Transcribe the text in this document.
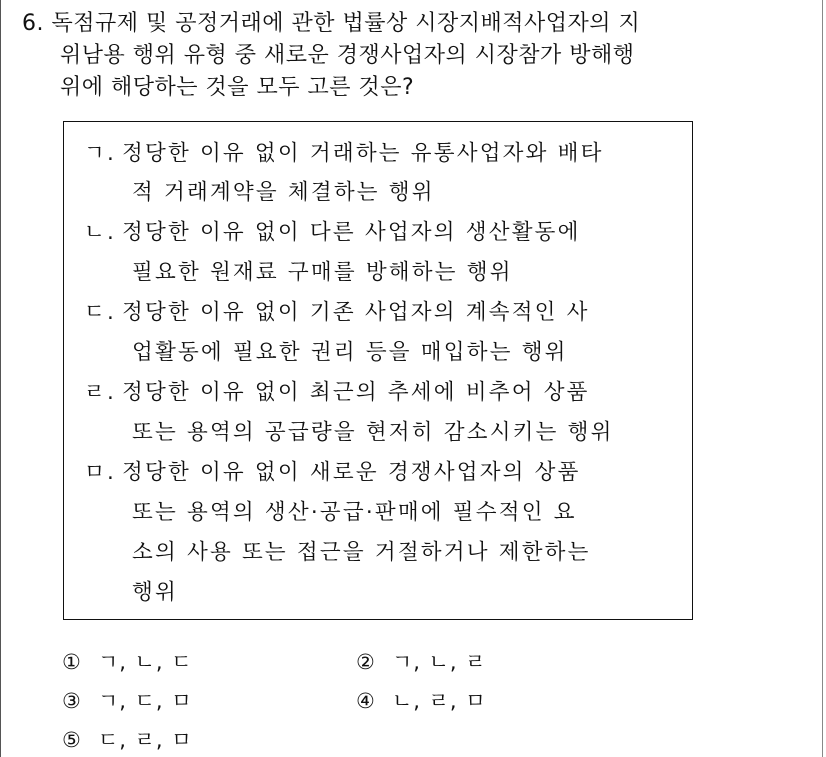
6. 독점규제 및 공정거래에 관한 법률상 시장지배적사업자의 지
위남용 행위 유형 중 새로운 경쟁사업자의 시장참가 방해행
위에 해당하는 것을 모두 고른 것은?
ㄱ. 정당한 이유 없이 거래하는 유통사업자와 배타
적 거래계약을 체결하는 행위
ㄴ. 정당한 이유 없이 다른 사업자의 생산활동에
필요한 원재료 구매를 방해하는 행위
ㄷ. 정당한 이유 없이 기존 사업자의 계속적인 사
업활동에 필요한 권리 등을 매입하는 행위
ㄹ. 정당한 이유 없이 최근의 추세에 비추어 상품
또는 용역의 공급량을 현저히 감소시키는 행위
ㅁ. 정당한 이유 없이 새로운 경쟁사업자의 상품
또는 용역의 생산·공급·판매에 필수적인 요
소의 사용 또는 접근을 거절하거나 제한하는
행위
① ㄱ, ㄴ, ㄷ	② ㄱ, ㄴ, ㄹ
③ ㄱ, ㄷ, ㅁ	④ ㄴ, ㄹ, ㅁ
⑤ ㄷ, ㄹ, ㅁ
